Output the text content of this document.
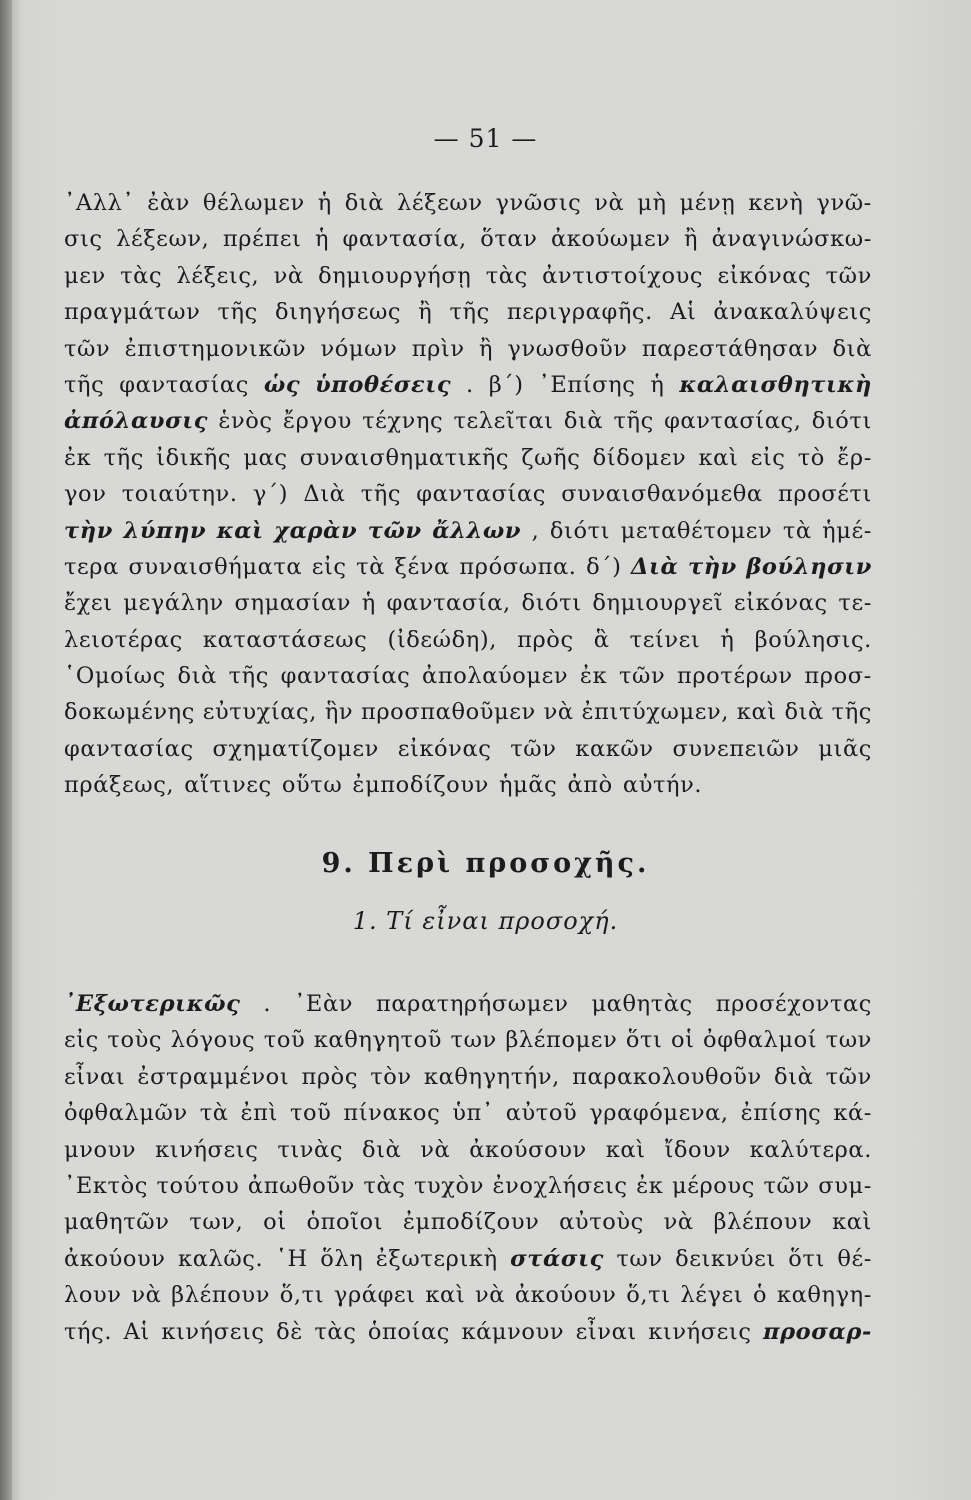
— 51 —
᾿Αλλ᾿ ἐὰν θέλωμεν ἡ διὰ λέξεων γνῶσις νὰ μὴ μένῃ κενὴ γνῶ-
σις λέξεων, πρέπει ἡ φαντασία, ὅταν ἀκούωμεν ἢ ἀναγινώσκω-
μεν τὰς λέξεις, νὰ δημιουργήσῃ τὰς ἀντιστοίχους εἰκόνας τῶν
πραγμάτων τῆς διηγήσεως ἢ τῆς περιγραφῆς. Αἱ ἀνακαλύψεις
τῶν ἐπιστημονικῶν νόμων πρὶν ἢ γνωσθοῦν παρεστάθησαν διὰ
τῆς φαντασίας ὡς ὑποθέσεις . β΄) ᾿Επίσης ἡ καλαισθητικὴ
ἀπόλαυσις ἑνὸς ἔργου τέχνης τελεῖται διὰ τῆς φαντασίας, διότι
ἐκ τῆς ἰδικῆς μας συναισθηματικῆς ζωῆς δίδομεν καὶ εἰς τὸ ἔρ-
γον τοιαύτην. γ΄) Διὰ τῆς φαντασίας συναισθανόμεθα προσέτι
τὴν λύπην καὶ χαρὰν τῶν ἄλλων , διότι μεταθέτομεν τὰ ἡμέ-
τερα συναισθήματα εἰς τὰ ξένα πρόσωπα. δ΄) Διὰ τὴν βούλησιν
ἔχει μεγάλην σημασίαν ἡ φαντασία, διότι δημιουργεῖ εἰκόνας τε-
λειοτέρας καταστάσεως (ἰδεώδη), πρὸς ἃ τείνει ἡ βούλησις.
῾Ομοίως διὰ τῆς φαντασίας ἀπολαύομεν ἐκ τῶν προτέρων προσ-
δοκωμένης εὐτυχίας, ἣν προσπαθοῦμεν νὰ ἐπιτύχωμεν, καὶ διὰ τῆς
φαντασίας σχηματίζομεν εἰκόνας τῶν κακῶν συνεπειῶν μιᾶς
πράξεως, αἵτινες οὕτω ἐμποδίζουν ἡμᾶς ἀπὸ αὐτήν.
9. Περὶ προσοχῆς.
1. Τί εἶναι προσοχή.
᾿Εξωτερικῶς . ᾿Εὰν παρατηρήσωμεν μαθητὰς προσέχοντας
εἰς τοὺς λόγους τοῦ καθηγητοῦ των βλέπομεν ὅτι οἱ ὀφθαλμοί των
εἶναι ἐστραμμένοι πρὸς τὸν καθηγητήν, παρακολουθοῦν διὰ τῶν
ὀφθαλμῶν τὰ ἐπὶ τοῦ πίνακος ὑπ᾿ αὐτοῦ γραφόμενα, ἐπίσης κά-
μνουν κινήσεις τινὰς διὰ νὰ ἀκούσουν καὶ ἴδουν καλύτερα.
᾿Εκτὸς τούτου ἀπωθοῦν τὰς τυχὸν ἐνοχλήσεις ἐκ μέρους τῶν συμ-
μαθητῶν των, οἱ ὁποῖοι ἐμποδίζουν αὐτοὺς νὰ βλέπουν καὶ
ἀκούουν καλῶς. ῾Η ὅλη ἐξωτερικὴ στάσις των δεικνύει ὅτι θέ-
λουν νὰ βλέπουν ὅ,τι γράφει καὶ νὰ ἀκούουν ὅ,τι λέγει ὁ καθηγη-
τής. Αἱ κινήσεις δὲ τὰς ὁποίας κάμνουν εἶναι κινήσεις προσαρ-
